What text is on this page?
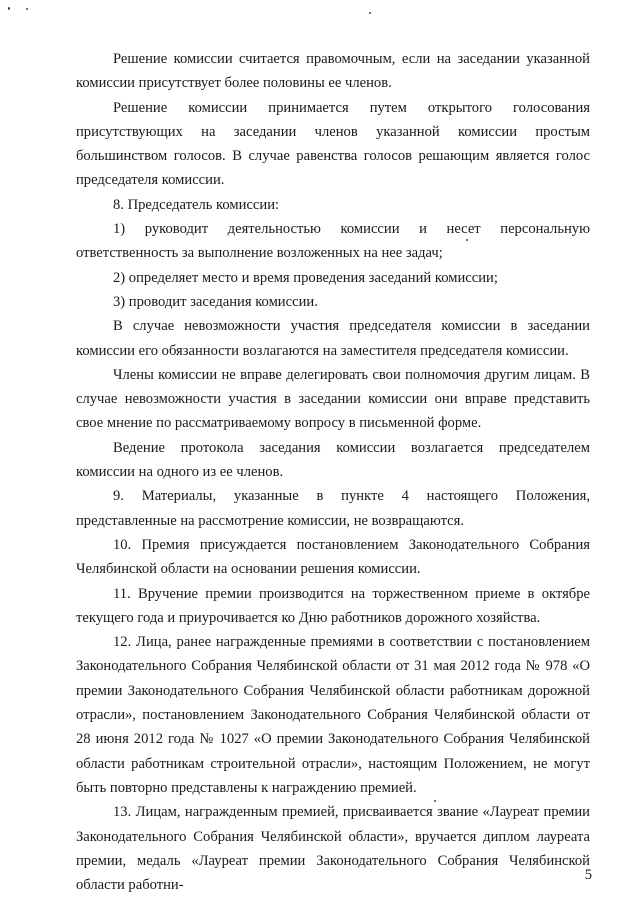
Решение комиссии считается правомочным, если на заседании указанной комиссии присутствует более половины ее членов.

Решение комиссии принимается путем открытого голосования присутствующих на заседании членов указанной комиссии простым большинством голосов. В случае равенства голосов решающим является голос председателя комиссии.

8. Председатель комиссии:

1) руководит деятельностью комиссии и несет персональную ответственность за выполнение возложенных на нее задач;

2) определяет место и время проведения заседаний комиссии;

3) проводит заседания комиссии.

В случае невозможности участия председателя комиссии в заседании комиссии его обязанности возлагаются на заместителя председателя комиссии.

Члены комиссии не вправе делегировать свои полномочия другим лицам. В случае невозможности участия в заседании комиссии они вправе представить свое мнение по рассматриваемому вопросу в письменной форме.

Ведение протокола заседания комиссии возлагается председателем комиссии на одного из ее членов.

9. Материалы, указанные в пункте 4 настоящего Положения, представленные на рассмотрение комиссии, не возвращаются.

10. Премия присуждается постановлением Законодательного Собрания Челябинской области на основании решения комиссии.

11. Вручение премии производится на торжественном приеме в октябре текущего года и приурочивается ко Дню работников дорожного хозяйства.

12. Лица, ранее награжденные премиями в соответствии с постановлением Законодательного Собрания Челябинской области от 31 мая 2012 года № 978 «О премии Законодательного Собрания Челябинской области работникам дорожной отрасли», постановлением Законодательного Собрания Челябинской области от 28 июня 2012 года № 1027 «О премии Законодательного Собрания Челябинской области работникам строительной отрасли», настоящим Положением, не могут быть повторно представлены к награждению премией.

13. Лицам, награжденным премией, присваивается звание «Лауреат премии Законодательного Собрания Челябинской области», вручается диплом лауреата премии, медаль «Лауреат премии Законодательного Собрания Челябинской области работни-

5
